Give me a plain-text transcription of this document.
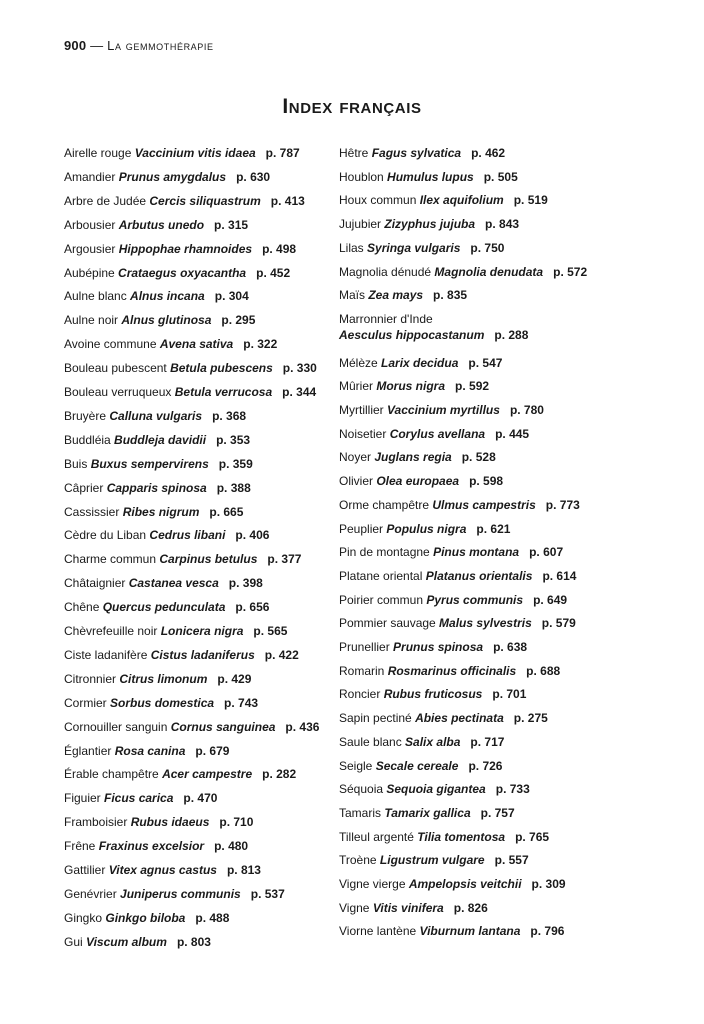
900 — La gemmothérapie
Index français
Airelle rouge Vaccinium vitis idaea p. 787
Amandier Prunus amygdalus p. 630
Arbre de Judée Cercis siliquastrum p. 413
Arbousier Arbutus unedo p. 315
Argousier Hippophae rhamnoides p. 498
Aubépine Crataegus oxyacantha p. 452
Aulne blanc Alnus incana p. 304
Aulne noir Alnus glutinosa p. 295
Avoine commune Avena sativa p. 322
Bouleau pubescent Betula pubescens p. 330
Bouleau verruqueux Betula verrucosa p. 344
Bruyère Calluna vulgaris p. 368
Buddléia Buddleja davidii p. 353
Buis Buxus sempervirens p. 359
Câprier Capparis spinosa p. 388
Cassissier Ribes nigrum p. 665
Cèdre du Liban Cedrus libani p. 406
Charme commun Carpinus betulus p. 377
Châtaignier Castanea vesca p. 398
Chêne Quercus pedunculata p. 656
Chèvrefeuille noir Lonicera nigra p. 565
Ciste ladanifère Cistus ladaniferus p. 422
Citronnier Citrus limonum p. 429
Cormier Sorbus domestica p. 743
Cornouiller sanguin Cornus sanguinea p. 436
Églantier Rosa canina p. 679
Érable champêtre Acer campestre p. 282
Figuier Ficus carica p. 470
Framboisier Rubus idaeus p. 710
Frêne Fraxinus excelsior p. 480
Gattilier Vitex agnus castus p. 813
Genévrier Juniperus communis p. 537
Gingko Ginkgo biloba p. 488
Gui Viscum album p. 803
Hêtre Fagus sylvatica p. 462
Houblon Humulus lupus p. 505
Houx commun Ilex aquifolium p. 519
Jujubier Zizyphus jujuba p. 843
Lilas Syringa vulgaris p. 750
Magnolia dénudé Magnolia denudata p. 572
Maïs Zea mays p. 835
Marronnier d'Inde
Aesculus hippocastanum p. 288
Mélèze Larix decidua p. 547
Mûrier Morus nigra p. 592
Myrtillier Vaccinium myrtillus p. 780
Noisetier Corylus avellana p. 445
Noyer Juglans regia p. 528
Olivier Olea europaea p. 598
Orme champêtre Ulmus campestris p. 773
Peuplier Populus nigra p. 621
Pin de montagne Pinus montana p. 607
Platane oriental Platanus orientalis p. 614
Poirier commun Pyrus communis p. 649
Pommier sauvage Malus sylvestris p. 579
Prunellier Prunus spinosa p. 638
Romarin Rosmarinus officinalis p. 688
Roncier Rubus fruticosus p. 701
Sapin pectiné Abies pectinata p. 275
Saule blanc Salix alba p. 717
Seigle Secale cereale p. 726
Séquoia Sequoia gigantea p. 733
Tamaris Tamarix gallica p. 757
Tilleul argenté Tilia tomentosa p. 765
Troène Ligustrum vulgare p. 557
Vigne vierge Ampelopsis veitchii p. 309
Vigne Vitis vinifera p. 826
Viorne lantène Viburnum lantana p. 796
